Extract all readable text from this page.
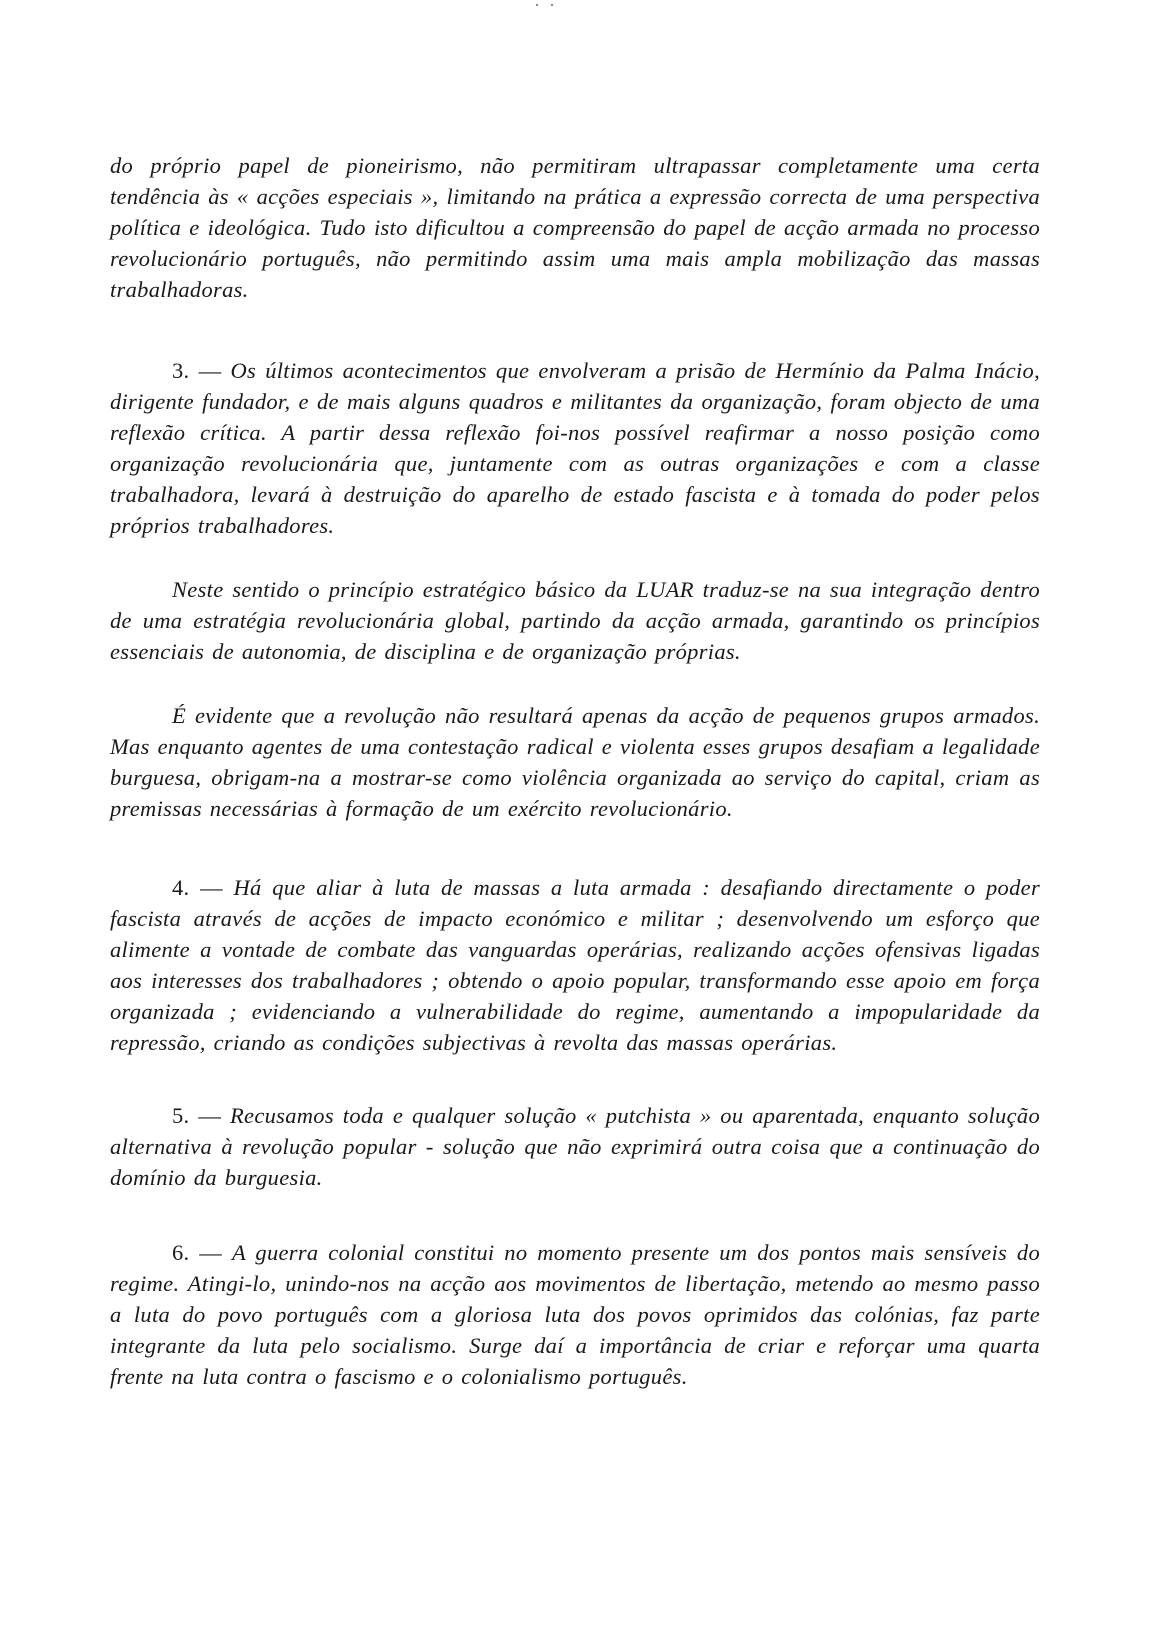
do próprio papel de pioneirismo, não permitiram ultrapassar completamente uma certa tendência às « acções especiais », limitando na prática a expressão correcta de uma perspectiva política e ideológica. Tudo isto dificultou a compreensão do papel de acção armada no processo revolucionário português, não permitindo assim uma mais ampla mobilização das massas trabalhadoras.

3. — Os últimos acontecimentos que envolveram a prisão de Hermínio da Palma Inácio, dirigente fundador, e de mais alguns quadros e militantes da organização, foram objecto de uma reflexão crítica. A partir dessa reflexão foi-nos possível reafirmar a nosso posição como organização revolucionária que, juntamente com as outras organizações e com a classe trabalhadora, levará à destruição do aparelho de estado fascista e à tomada do poder pelos próprios trabalhadores.

Neste sentido o princípio estratégico básico da LUAR traduz-se na sua integração dentro de uma estratégia revolucionária global, partindo da acção armada, garantindo os princípios essenciais de autonomia, de disciplina e de organização próprias.

É evidente que a revolução não resultará apenas da acção de pequenos grupos armados. Mas enquanto agentes de uma contestação radical e violenta esses grupos desafiam a legalidade burguesa, obrigam-na a mostrar-se como violência organizada ao serviço do capital, criam as premissas necessárias à formação de um exército revolucionário.

4. — Há que aliar à luta de massas a luta armada : desafiando directamente o poder fascista através de acções de impacto económico e militar ; desenvolvendo um esforço que alimente a vontade de combate das vanguardas operárias, realizando acções ofensivas ligadas aos interesses dos trabalhadores ; obtendo o apoio popular, transformando esse apoio em força organizada ; evidenciando a vulnerabilidade do regime, aumentando a impopularidade da repressão, criando as condições subjectivas à revolta das massas operárias.

5. — Recusamos toda e qualquer solução « putchista » ou aparentada, enquanto solução alternativa à revolução popular - solução que não exprimirá outra coisa que a continuação do domínio da burguesia.

6. — A guerra colonial constitui no momento presente um dos pontos mais sensíveis do regime. Atingi-lo, unindo-nos na acção aos movimentos de libertação, metendo ao mesmo passo a luta do povo português com a gloriosa luta dos povos oprimidos das colónias, faz parte integrante da luta pelo socialismo. Surge daí a importância de criar e reforçar uma quarta frente na luta contra o fascismo e o colonialismo português.
